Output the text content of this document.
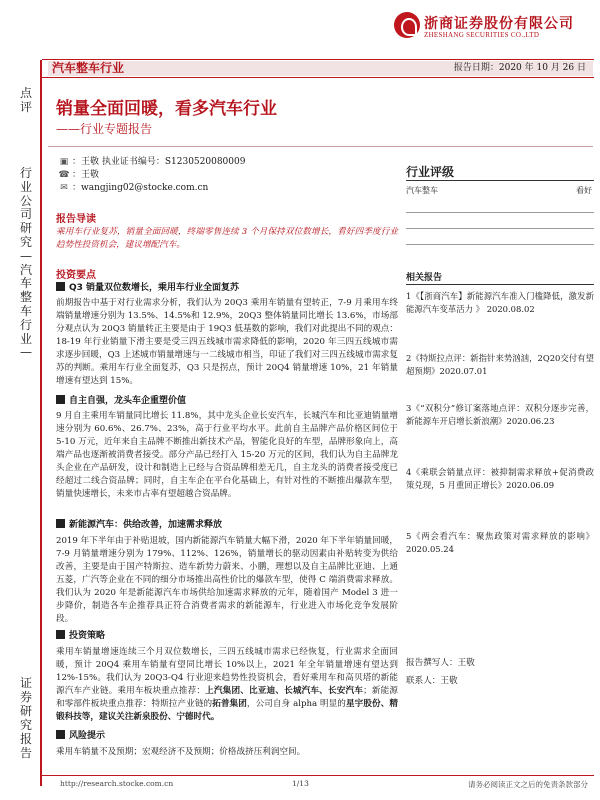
浙商证券股份有限公司
ZHESHANG SECURITIES CO.,LTD
汽车整车行业	报告日期：2020 年 10 月 26 日
点评
行业公司研究—汽车整车行业—
证券研究报告
销量全面回暖，看多汽车行业
——行业专题报告
▣ ：王敬 执业证书编号：S1230520080009
☎ ：王敬
✉ ：wangjing02@stocke.com.cn
报告导读
乘用车行业复苏，销量全面回暖，终端零售连续 3 个月保持双位数增长，看好四季度行业趋势性投资机会，建议增配汽车。
投资要点
Q3 销量双位数增长，乘用车行业全面复苏
前期报告中基于对行业需求分析，我们认为 20Q3 乘用车销量有望转正，7-9 月乘用车终端销量增速分别为 13.5%、14.5%和 12.9%，20Q3 整体销量同比增长 13.6%，市场部分观点认为 20Q3 销量转正主要是由于 19Q3 低基数的影响，我们对此提出不同的观点：18-19 年行业销量下滑主要是受三四五线城市需求降低的影响，2020 年三四五线城市需求逐步回暖，Q3 上述城市销量增速与一二线城市相当，印证了我们对三四五线城市需求复苏的判断。乘用车行业全面复苏，Q3 只是拐点，预计 20Q4 销量增速 10%，21 年销量增速有望达到 15%。
自主自强，龙头车企重塑价值
9 月自主乘用车销量同比增长 11.8%，其中龙头企业长安汽车，长城汽车和比亚迪销量增速分别为 60.6%、26.7%、23%，高于行业平均水平。此前自主品牌产品价格区间位于 5-10 万元，近年来自主品牌不断推出新技术产品，智能化良好的车型，品牌形象向上，高端产品也逐渐被消费者接受。部分产品已经打入 15-20 万元的区间，我们认为自主品牌龙头企业在产品研发，设计和制造上已经与合资品牌相差无几，自主龙头的消费者接受度已经超过二线合资品牌；同时，自主车企在平台化基础上，有针对性的不断推出爆款车型，销量快速增长，未来市占率有望超越合资品牌。
新能源汽车：供给改善，加速需求释放
2019 年下半年由于补贴退坡，国内新能源汽车销量大幅下滑，2020 年下半年销量回暖，7-9 月销量增速分别为 179%、112%、126%，销量增长的驱动因素由补贴转变为供给改善，主要是由于国产特斯拉、造车新势力蔚来、小鹏，理想以及自主品牌比亚迪、上通五菱，广汽等企业在不同的细分市场推出高性价比的爆款车型，使得 C 端消费需求释放。我们认为 2020 年是新能源汽车市场供给加速需求释放的元年，随着国产 Model 3 进一步降价，制造各车企推荐具正符合消费者需求的新能源车，行业进入市场化竞争发展阶段。
投资策略
乘用车销量增速连续三个月双位数增长，三四五线城市需求已经恢复，行业需求全面回暖，预计 20Q4 乘用车销量有望同比增长 10%以上，2021 年全年销量增速有望达到 12%-15%。我们认为 20Q3-Q4 行业迎来趋势性投资机会，看好乘用车和高贝塔的新能源汽车产业链。乘用车板块重点推荐：上汽集团、比亚迪、长城汽车、长安汽车；新能源和零部件板块重点推荐：特斯拉产业链的拓普集团，公司自身 alpha 明显的星宇股份、精锻科技等，建议关注新泉股份、宁德时代。
风险提示
乘用车销量不及预期；宏观经济不及预期；价格战挤压利润空间。
行业评级
汽车整车	看好
相关报告
1《【浙商汽车】新能源汽车准入门槛降低，激发新能源汽车变革活力 》 2020.08.02
2《特斯拉点评：新指针来势汹汹，2Q20交付有望超预期》2020.07.01
3《“双积分”修订案落地点评：双积分逐步完善，新能源车开启增长新浪潮》2020.06.23
4《乘联会销量点评：被抑制需求释放+促消费政策兑现，5 月重回正增长》2020.06.09
5《两会看汽车：聚焦政策对需求释放的影响》2020.05.24
报告撰写人：王敬
联系人：王敬
http://research.stocke.com.cn	1/13	请务必阅读正文之后的免责条款部分
